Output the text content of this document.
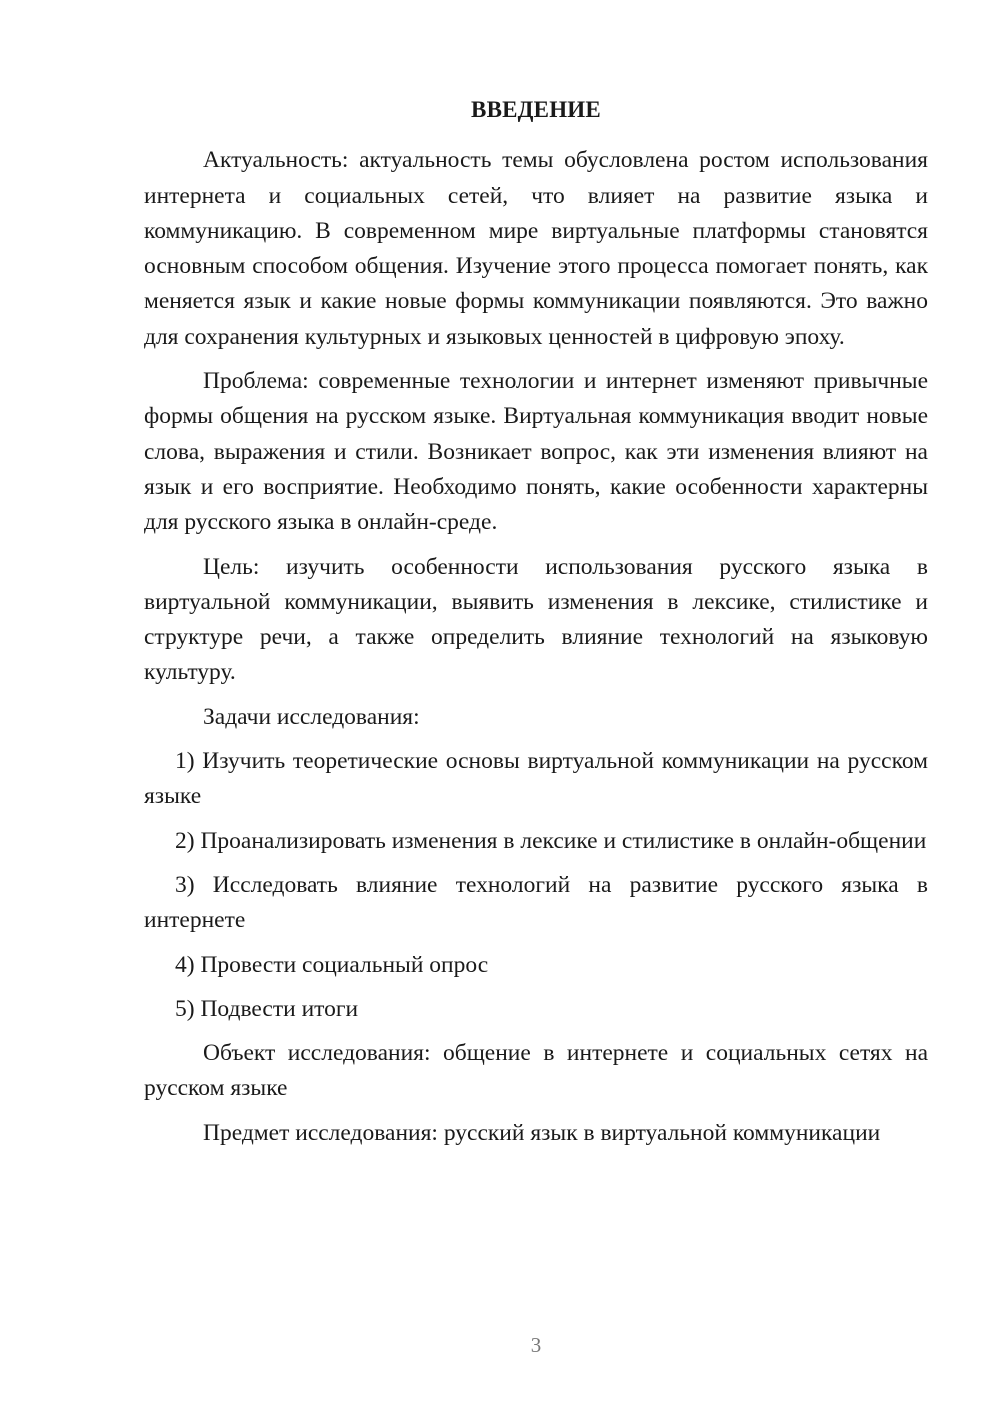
ВВЕДЕНИЕ

Актуальность: актуальность темы обусловлена ростом использования интернета и социальных сетей, что влияет на развитие языка и коммуникацию. В современном мире виртуальные платформы становятся основным способом общения. Изучение этого процесса помогает понять, как меняется язык и какие новые формы коммуникации появляются. Это важно для сохранения культурных и языковых ценностей в цифровую эпоху.

Проблема: современные технологии и интернет изменяют привычные формы общения на русском языке. Виртуальная коммуникация вводит новые слова, выражения и стили. Возникает вопрос, как эти изменения влияют на язык и его восприятие. Необходимо понять, какие особенности характерны для русского языка в онлайн-среде.

Цель: изучить особенности использования русского языка в виртуальной коммуникации, выявить изменения в лексике, стилистике и структуре речи, а также определить влияние технологий на языковую культуру.

Задачи исследования:

1) Изучить теоретические основы виртуальной коммуникации на русском языке

2) Проанализировать изменения в лексике и стилистике в онлайн-общении

3) Исследовать влияние технологий на развитие русского языка в интернете

4) Провести социальный опрос

5) Подвести итоги

Объект исследования: общение в интернете и социальных сетях на русском языке

Предмет исследования: русский язык в виртуальной коммуникации

3
